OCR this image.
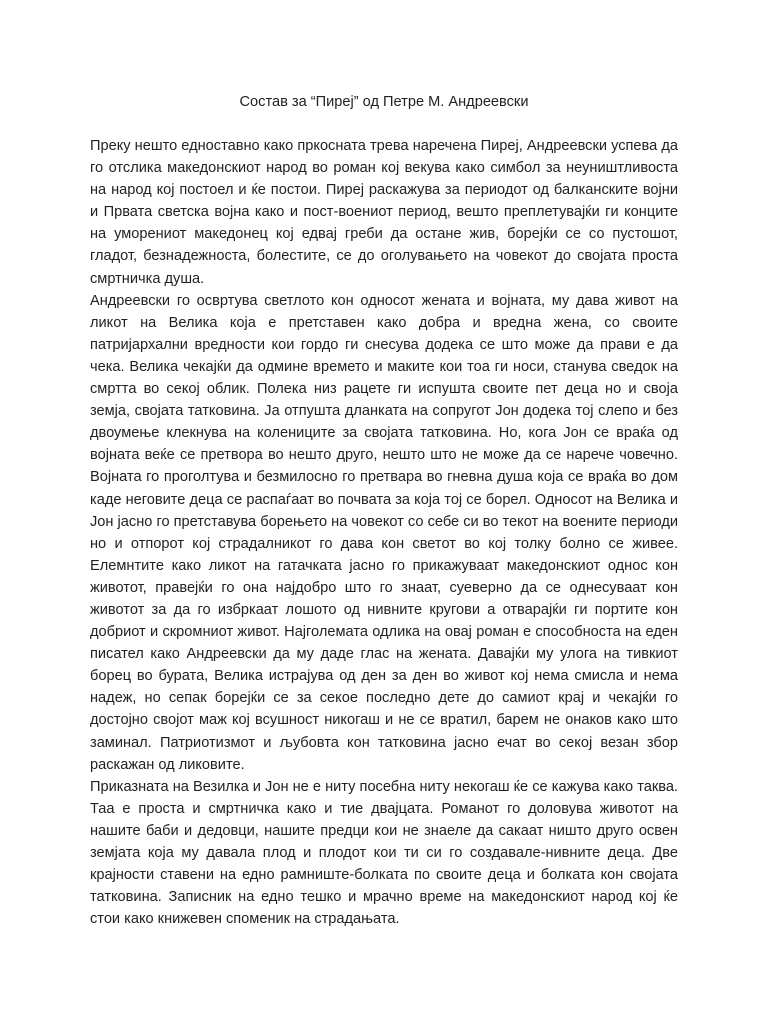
Состав за “Пиреј” од Петре М. Андреевски

Преку нешто едноставно како пркосната трева наречена Пиреј, Андреевски успева да го отслика македонскиот народ во роман кој векува како симбол за неуништливоста на народ кој постоел и ќе постои. Пиреј раскажува за периодот од балканските војни и Првата светска војна како и пост-воениот период, вешто преплетувајќи ги конците на уморениот македонец кој едвај греби да остане жив, борејќи се со пустошот, гладот, безнадежноста, болестите, се до оголувањето на човекот до својата проста смртничка душа.

Андреевски го освртува светлото кон односот жената и војната, му дава живот на ликот на Велика која е претставен како добра и вредна жена, со своите патријархални вредности кои гордо ги снесува додека се што може да прави е да чека. Велика чекајќи да одмине времето и маките кои тоа ги носи, станува сведок на смртта во секој облик. Полека низ рацете ги испушта своите пет деца но и своја земја, својата татковина. Ја отпушта дланката на сопругот Јон додека тој слепо и без двоумење клекнува на колениците за својата татковина. Но, кога Јон се враќа од војната веќе се претвора во нешто друго, нешто што не може да се нарече човечно. Војната го проголтува и безмилосно го претвара во гневна душа која се враќа во дом каде неговите деца се распаѓаат во почвата за која тој се борел. Односот на Велика и Јон јасно го претставува борењето на човекот со себе си во текот на воените периоди но и отпорот кој страдалникот го дава кон светот во кој толку болно се живее. Елемнтите како ликот на гатачката јасно го прикажуваат македонскиот однос кон животот, правејќи го она најдобро што го знаат, суеверно да се однесуваат кон животот за да го избркаат лошото од нивните кругови а отварајќи ги портите кон добриот и скромниот живот. Најголемата одлика на овај роман е способноста на еден писател како Андреевски да му даде глас на жената. Давајќи му улога на тивкиот борец во бурата, Велика истрајува од ден за ден во живот кој нема смисла и нема надеж, но сепак борејќи се за секое последно дете до самиот крај и чекајќи го достојно својот маж кој всушност никогаш и не се вратил, барем не онаков како што заминал. Патриотизмот и љубовта кон татковина јасно ечат во секој везан збор раскажан од ликовите.

Приказната на Везилка и Јон не е ниту посебна ниту некогаш ќе се кажува како таква. Таа е проста и смртничка како и тие двајцата. Романот го доловува животот на нашите баби и дедовци, нашите предци кои не знаеле да сакаат ништо друго освен земјата која му давала плод и плодот кои ти си го создавале-нивните деца. Две крајности ставени на едно рамниште-болката по своите деца и болката кон својата татковина. Записник на едно тешко и мрачно време на македонскиот народ кој ќе стои како книжевен споменик на страдањата.
